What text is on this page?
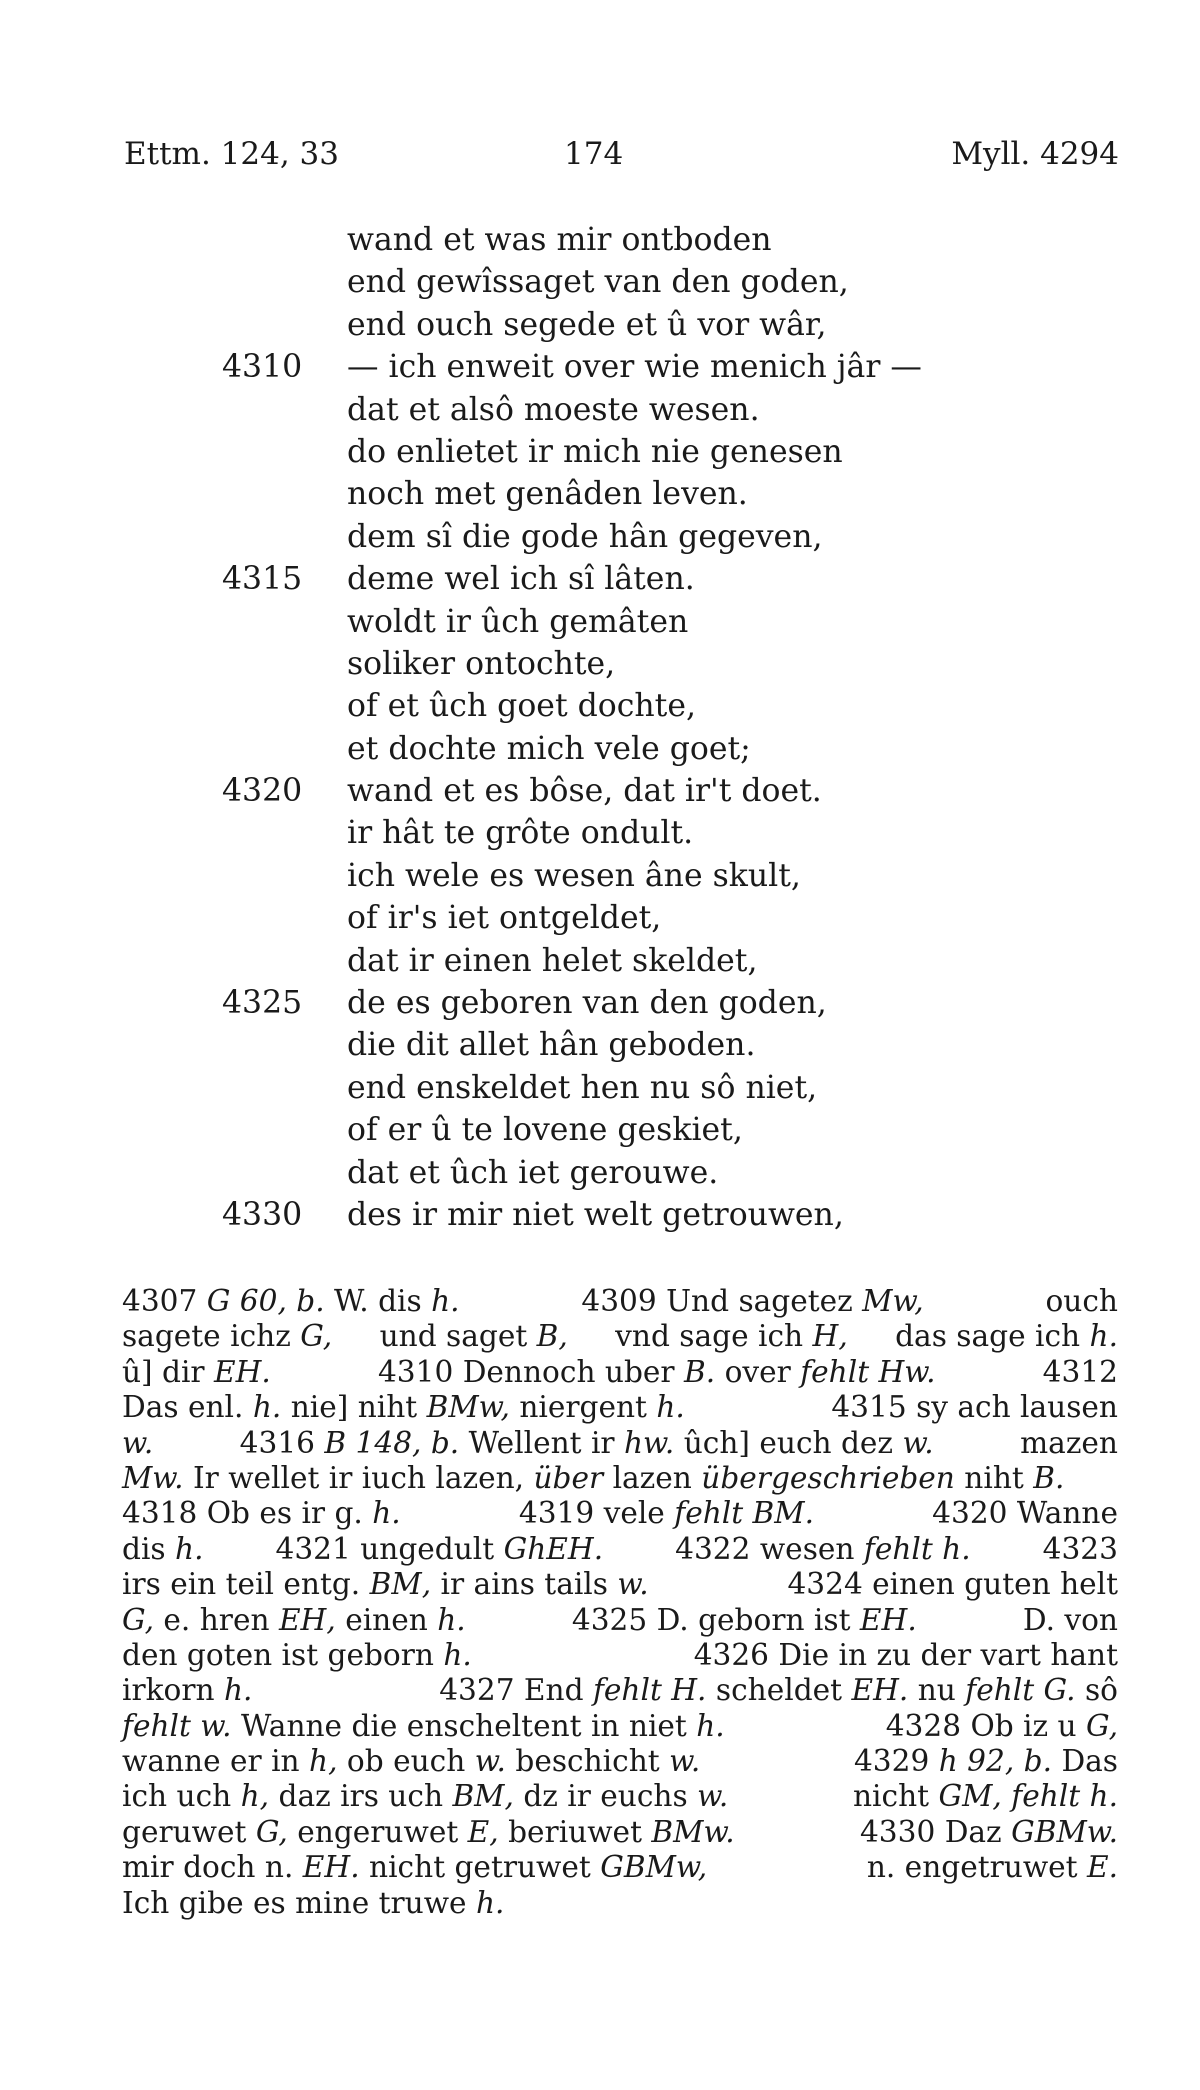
Ettm. 124, 33	174	Myll. 4294
wand et was mir ontboden
end gewîssaget van den goden,
end ouch segede et û vor wâr,
4310 — ich enweit over wie menich jâr —
dat et alsô moeste wesen.
do enlietet ir mich nie genesen
noch met genâden leven.
dem sî die gode hân gegeven,
4315 deme wel ich sî lâten.
woldt ir ûch gemâten
soliker ontochte,
of et ûch goet dochte,
et dochte mich vele goet;
4320 wand et es bôse, dat ir't doet.
ir hât te grôte ondult.
ich wele es wesen âne skult,
of ir's iet ontgeldet,
dat ir einen helet skeldet,
4325 de es geboren van den goden,
die dit allet hân geboden.
end enskeldet hen nu sô niet,
of er û te lovene geskiet,
dat et ûch iet gerouwe.
4330 des ir mir niet welt getrouwen,
4307 G 60, b. W. dis h.	4309 Und sagetez Mw,	ouch
sagete ichz G, und saget B, vnd sage ich H, das sage ich h.
û] dir EH.	4310 Dennoch uber B. over fehlt Hw.	4312
Das enl. h. nie] niht BMw, niergent h.	4315 sy ach lausen
w.	4316 B 148, b. Wellent ir hw. ûch] euch dez w.	mazen
Mw. Ir wellet ir iuch lazen, über lazen übergeschrieben niht B.
4318 Ob es ir g. h.	4319 vele fehlt BM.	4320 Wanne
dis h. 4321 ungedult GhEH. 4322 wesen fehlt h. 4323
irs ein teil entg. BM, ir ains tails w.	4324 einen guten helt
G, e. hren EH, einen h.	4325 D. geborn ist EH.	D. von
den goten ist geborn h.	4326 Die in zu der vart hant
irkorn h.	4327 End fehlt H. scheldet EH. nu fehlt G. sô
fehlt w. Wanne die enscheltent in niet h.	4328 Ob iz u G,
wanne er in h, ob euch w. beschicht w.	4329 h 92, b. Das
ich uch h, daz irs uch BM, dz ir euchs w.	nicht GM, fehlt h.
geruwet G, engeruwet E, beriuwet BMw.	4330 Daz GBMw.
mir doch n. EH. nicht getruwet GBMw,	n. engetruwet E.
Ich gibe es mine truwe h.
